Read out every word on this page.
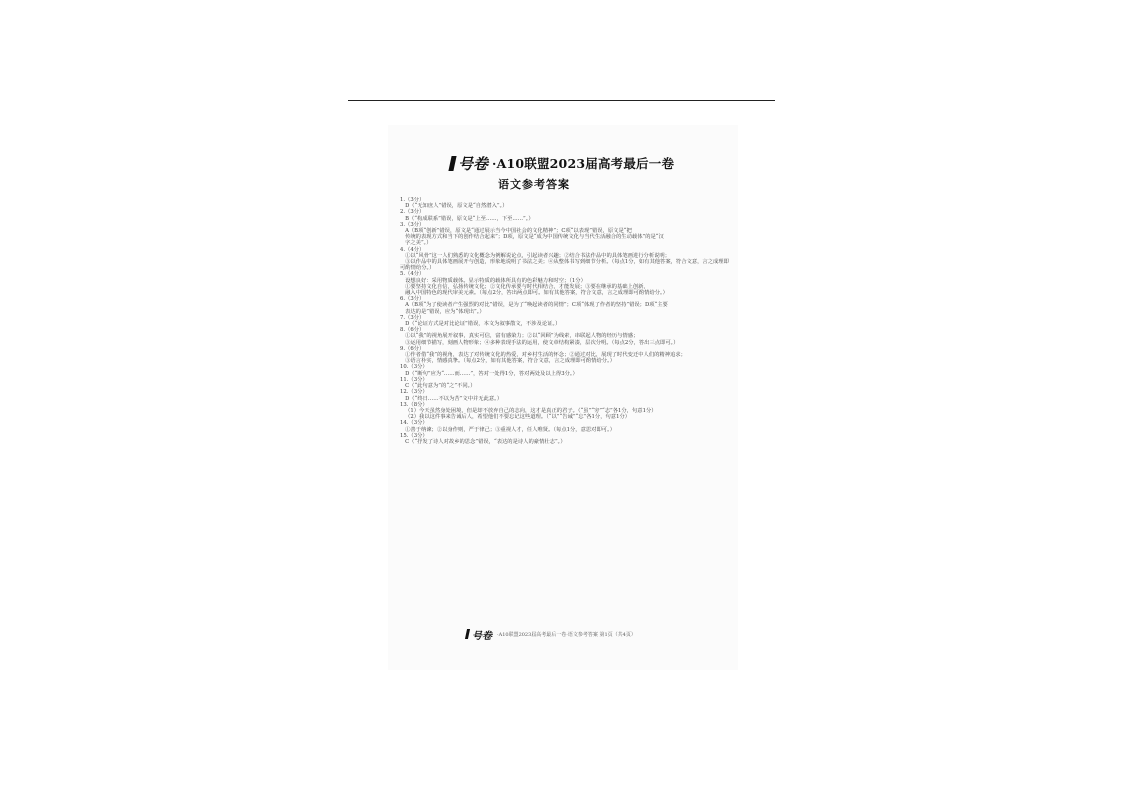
号卷 ·A10联盟2023届高考最后一卷
语文参考答案
1.（3分）
D（“无知庶人”错误，原文是“自然潜入”。）
2.（3分）
B（“构成联系”错误，原文是“上至……，下至……”。）
3.（3分）
A（B项“创新”错误，原文是“通过展示当今中国社会的文化精神”；C项“以表现”错误，原文是“把
传统的表现方式和当下的创作结合起来”；D项，原文是“成为中国传统文化与当代生活融合的生动载体”的是“汉
字之美”。）
4.（4分）
①以“风骨”这一人们熟悉的文化概念为例解说论点，引起读者兴趣；②结合书法作品中的具体笔画进行分析说明；
③以作品中的具体笔画展开与创造，形象地说明了书法之美；④从整体书写到细节分析。（每点1分，如有其他答案，符合文意，言之成理即可酌情给分。）
5.（4分）
设想良好：采用物质载体。显示特质的载体所具有的色彩魅力和时空；（1分）
①要坚持文化自信，弘扬传统文化；②文化传承要与时代相结合，才能发展；③要在继承的基础上创新，
融入中国特色的现代审美元素。（每点2分，答出两点即可。如有其他答案，符合文意，言之成理即可酌情给分。）
6.（3分）
A（B项“为了使读者产生强烈的对比”错误，是为了“唤起读者的同情”；C项“体现了作者的坚持”错误；D项“主要
表达的是”错误，应为“体现出”。）
7.（3分）
D（“论证方式是对比论证”错误，本文为叙事散文，不涉及论证。）
8.（6分）
①以“我”的视角展开叙事，真实可信，富有感染力；②以“回顾”为线索，串联起人物的经历与情感；
③运用细节描写，刻画人物形象；④多种表现手法的运用，使文章结构紧凑，层次分明。（每点2分，答出三点即可。）
9.（6分）
①作者借“我”的视角，表达了对传统文化的热爱，对乡村生活的怀念；②通过对比，展现了时代变迁中人们的精神追求；
③语言朴实，情感真挚。（每点2分，如有其他答案，符合文意，言之成理即可酌情给分。）
10.（3分）
D（“断句”应为“……而……”，答对一处得1分，答对两处及以上得3分。）
11.（3分）
C（“此句意为”的“之”不同。）
12.（3分）
D（“终日……不以为苦”文中并无此意。）
13.（8分）
（1）今天虽然身处困境，但是却不放弃自己的志向，这才是真正的君子。（“虽”“穷”“志”各1分，句意1分）
（2）我以这件事来告诫后人，希望他们不要忘记这些道理。（“以”“告诫”“忘”各1分，句意1分）
14.（3分）
①善于纳谏；②以身作则，严于律己；③重视人才，任人唯贤。（每点1分，意思对即可。）
15.（3分）
C（“抒发了诗人对故乡的思念”错误，“表达的是诗人的豪情壮志”。）
号卷 ·A10联盟2023届高考最后一卷·语文参考答案 第1页（共4页）
